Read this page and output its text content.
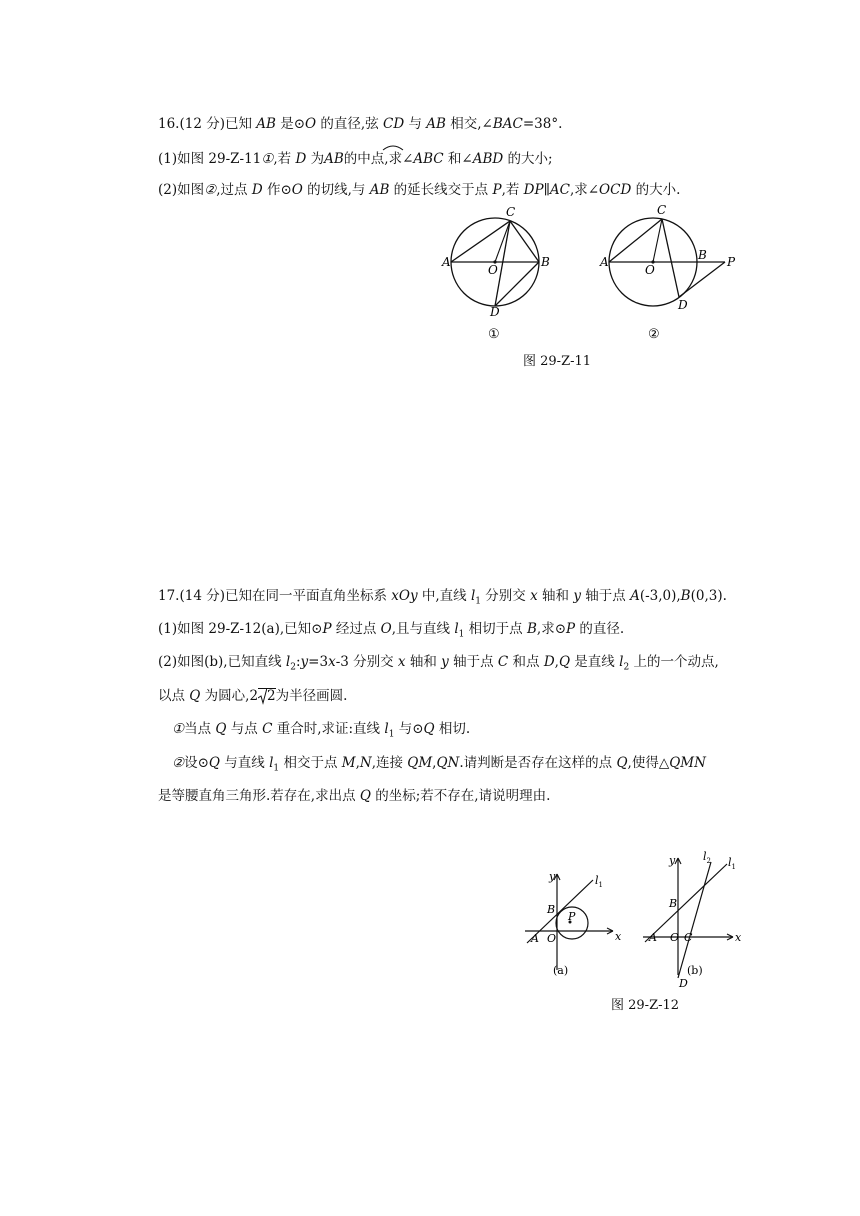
16.(12 分)已知 AB 是⊙O 的直径,弦 CD 与 AB 相交,∠BAC=38°.
(1)如图 29-Z-11①,若 D 为AB的中点,求∠ABC 和∠ABD 的大小;
(2)如图②,过点 D 作⊙O 的切线,与 AB 的延长线交于点 P,若 DP∥AC,求∠OCD 的大小.
A	B
C
D
O
①
A	B
C
D
O
P
②
图 29-Z-11
17.(14 分)已知在同一平面直角坐标系 xOy 中,直线 $l_1$ 分别交 x 轴和 y 轴于点 A(-3,0),B(0,3).
(1)如图 29-Z-12(a),已知⊙P 经过点 O,且与直线 $l_1$ 相切于点 B,求⊙P 的直径.
(2)如图(b),已知直线 $l_2:y=3x-3$ 分别交 x 轴和 y 轴于点 C 和点 D,Q 是直线 $l_2$ 上的一个动点,
以点 Q 为圆心,2 2为半径画圆.
①当点 Q 与点 C 重合时,求证:直线 $l_1$ 与⊙Q 相切.
②设⊙Q 与直线 $l_1$ 相交于点 M,N,连接 QM,QN.请判断是否存在这样的点 Q,使得△QMN
是等腰直角三角形.若存在,求出点 Q 的坐标;若不存在,请说明理由.
x
y	$l_1$
A O
B
P
(a)
x
y	$l_2$ $l_1$
A O C
B
D
(b)
图 29-Z-12
